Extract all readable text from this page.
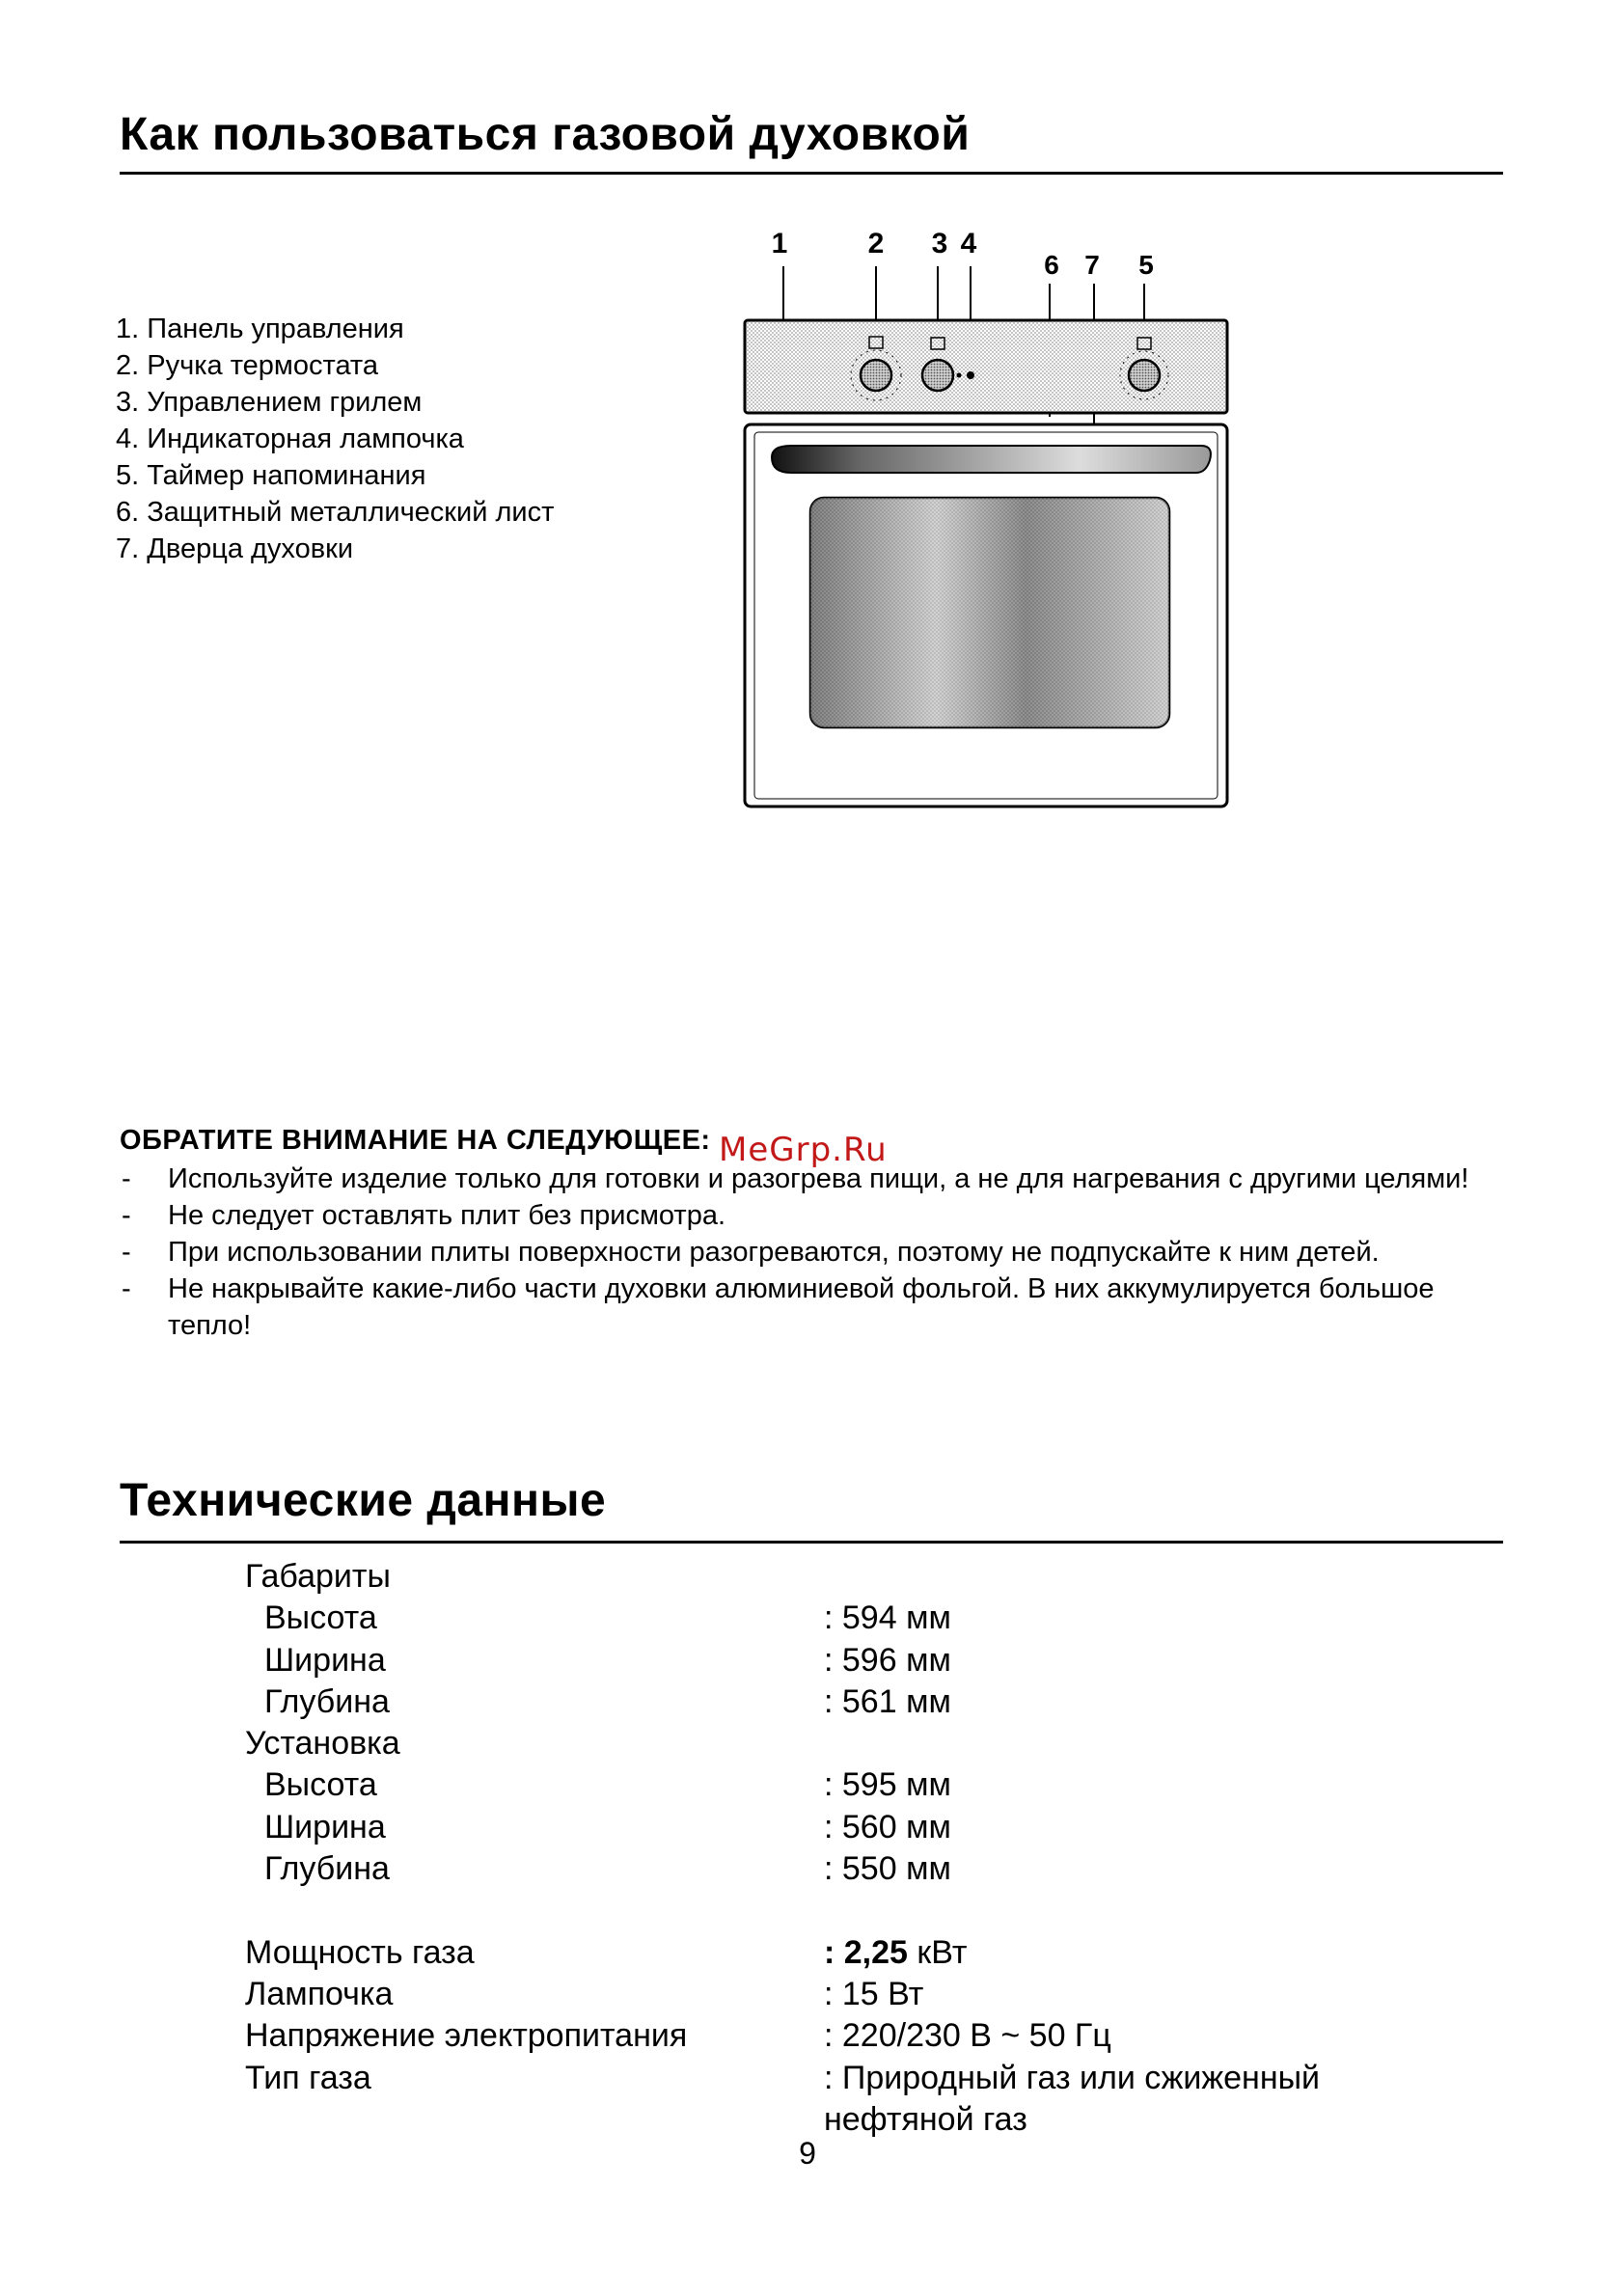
Как пользоваться газовой духовкой
1. Панель управления
2. Ручка термостата
3. Управлением грилем
4. Индикаторная лампочка
5. Таймер напоминания
6. Защитный металлический лист
7. Дверца духовки
1	2 3 4
6 7 5
MeGrp.Ru
ОБРАТИТЕ ВНИМАНИЕ НА СЛЕДУЮЩЕЕ:
- Используйте изделие только для готовки и разогрева пищи, а не для нагревания с другими целями!
- Не следует оставлять плит без присмотра.
- При использовании плиты поверхности разогреваются, поэтому не подпускайте к ним детей.
- Не накрывайте какие-либо части духовки алюминиевой фольгой. В них аккумулируется большое тепло!
Технические данные
Габариты
Высота	: 594 мм
Ширина	: 596 мм
Глубина	: 561 мм
Установка
Высота	: 595 мм
Ширина	: 560 мм
Глубина	: 550 мм
Мощность газа	: 2,25 кВт
Лампочка	: 15 Вт
Напряжение электропитания	: 220/230 В ~ 50 Гц
Тип газа	: Природный газ или сжиженный
нефтяной газ
9
